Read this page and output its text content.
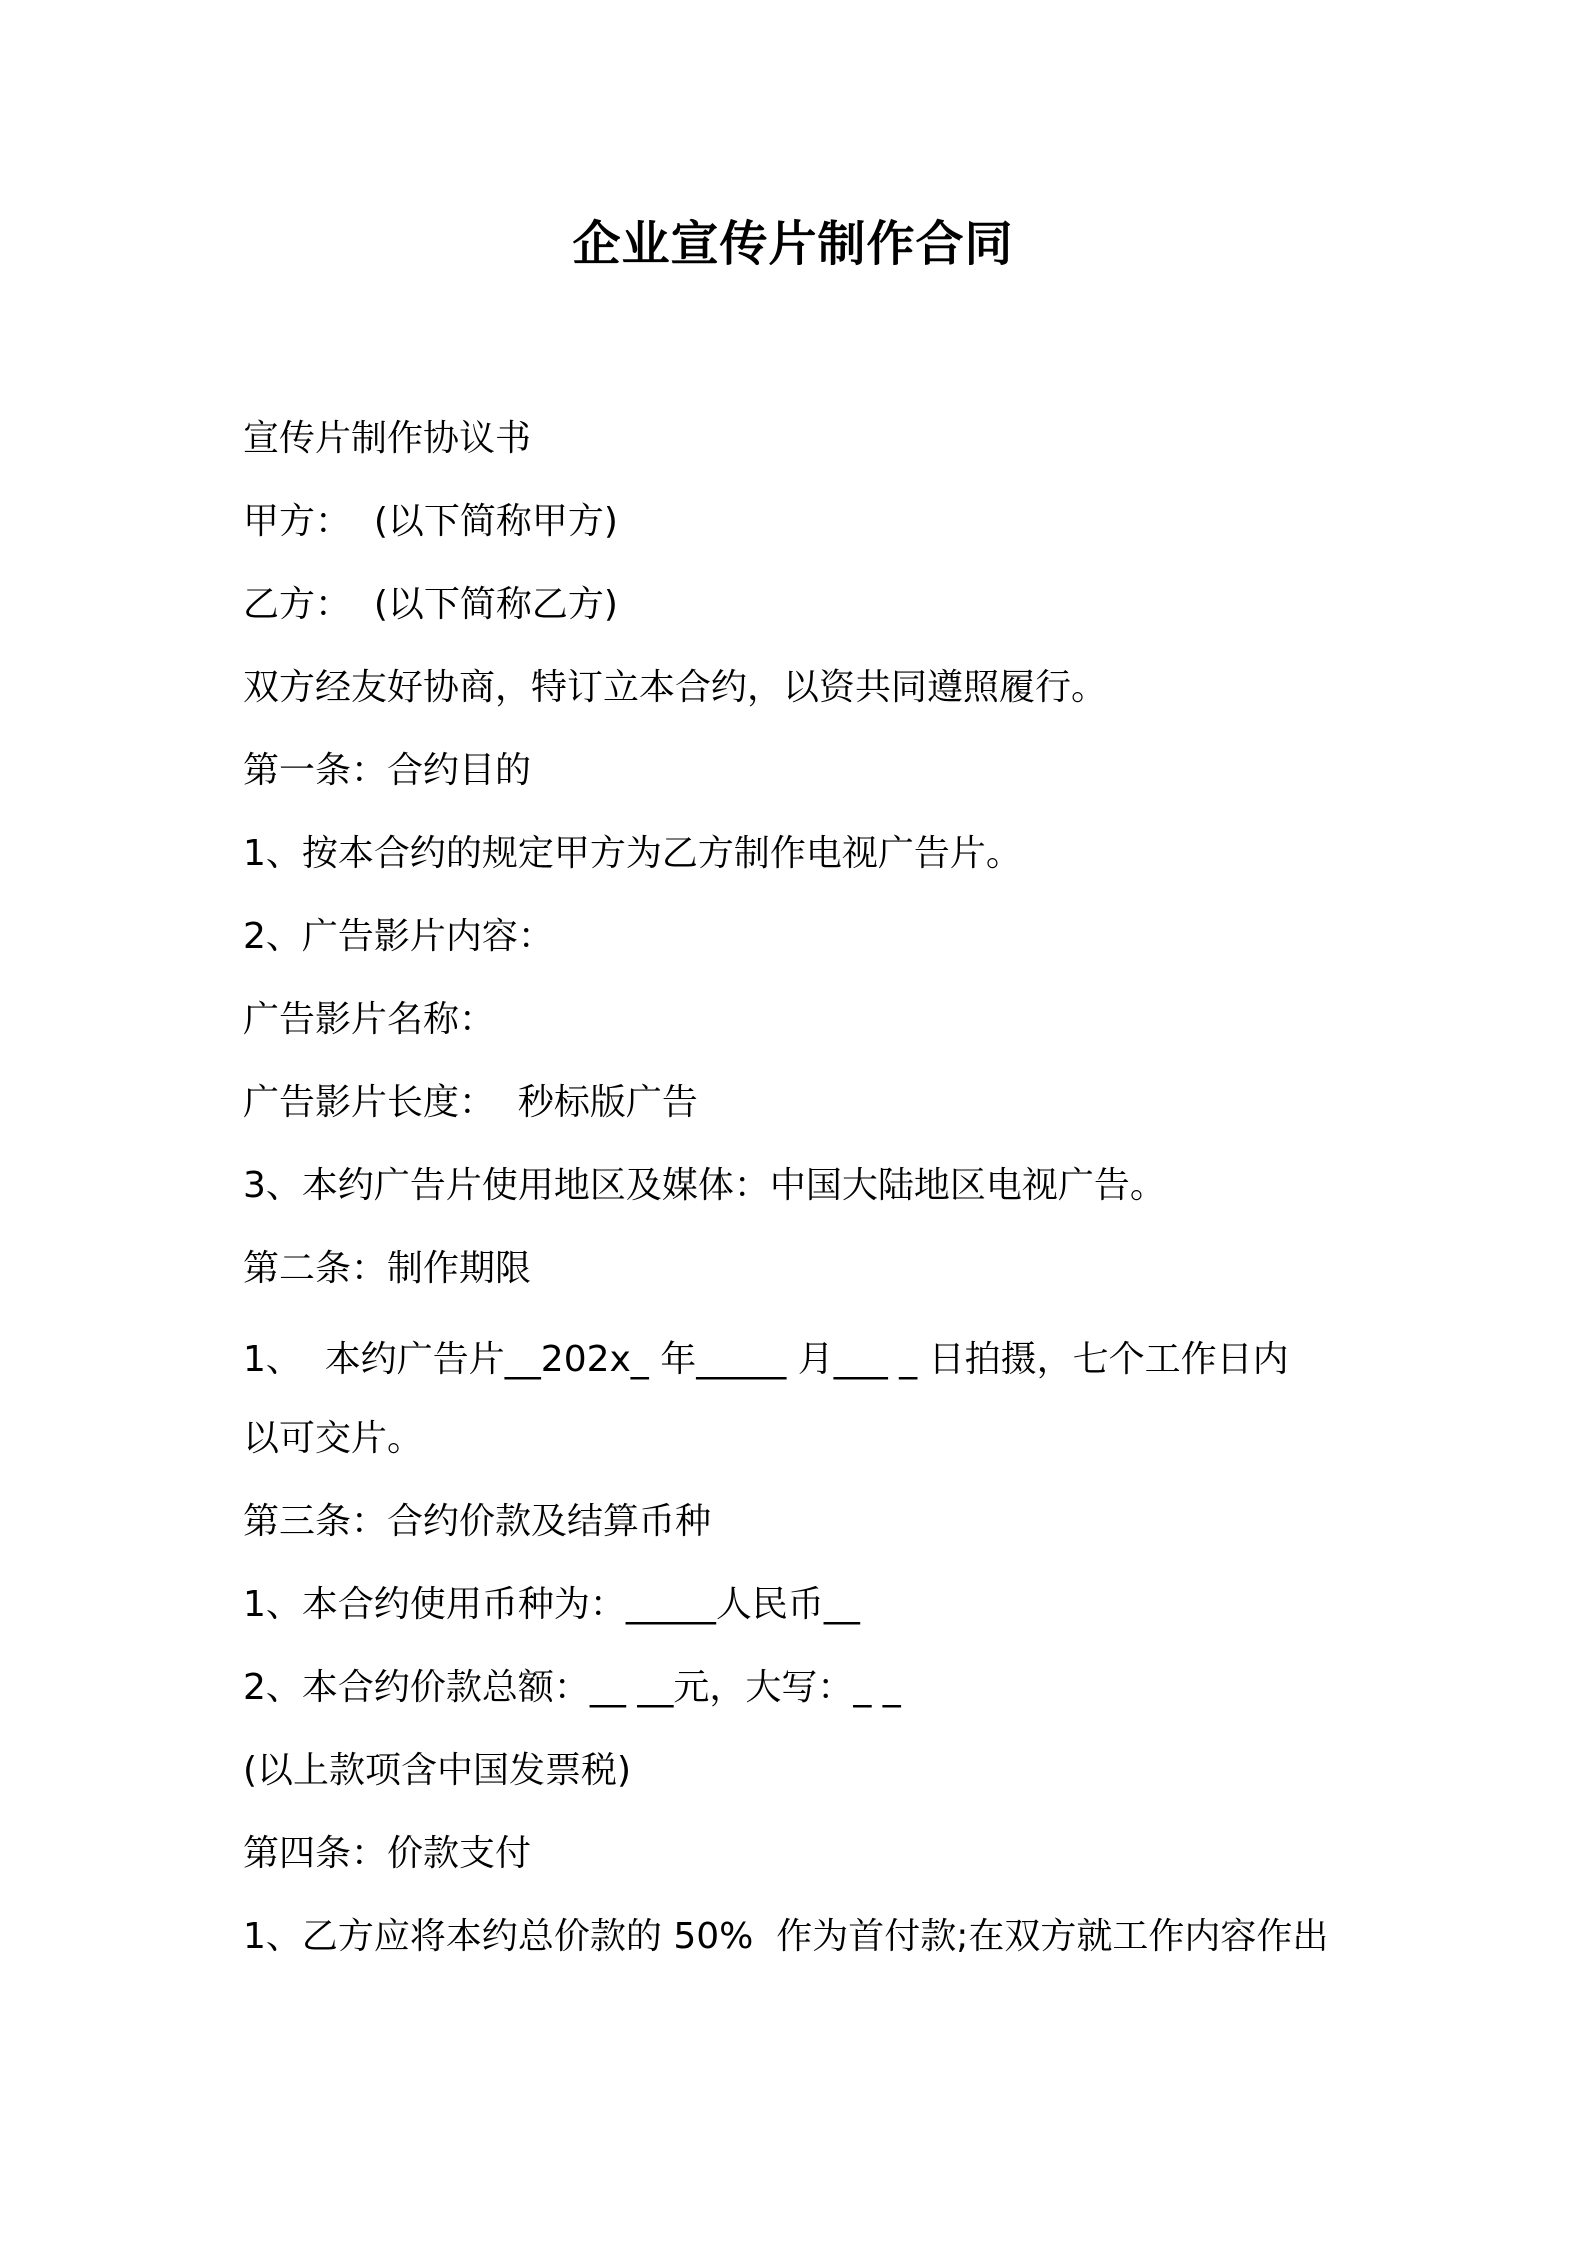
企业宣传片制作合同

宣传片制作协议书

甲方：  (以下简称甲方)

乙方：  (以下简称乙方)

双方经友好协商，特订立本合约，以资共同遵照履行。

第一条：合约目的

1、按本合约的规定甲方为乙方制作电视广告片。

2、广告影片内容：

广告影片名称：

广告影片长度：  秒标版广告

3、本约广告片使用地区及媒体：中国大陆地区电视广告。

第二条：制作期限

1、  本约广告片__202x_ 年_____ 月___ _ 日拍摄，七个工作日内

以可交片。

第三条：合约价款及结算币种

1、本合约使用币种为：_____人民币__

2、本合约价款总额：__ __元，大写：_ _

(以上款项含中国发票税)

第四条：价款支付

1、乙方应将本约总价款的 50%  作为首付款;在双方就工作内容作出
